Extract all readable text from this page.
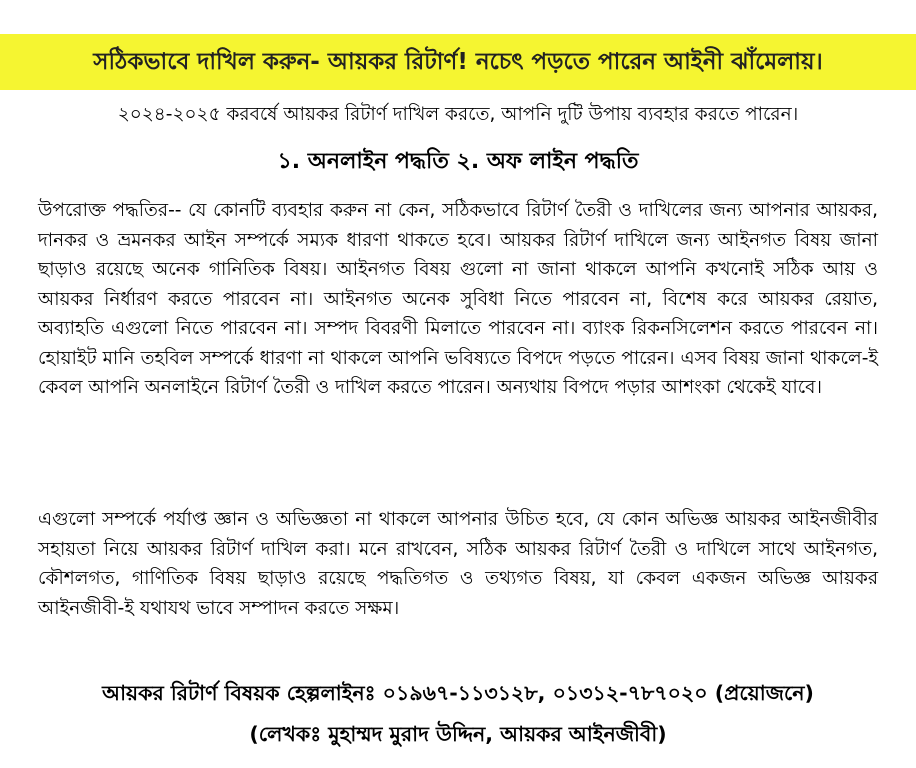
সঠিকভাবে দাখিল করুন- আয়কর রিটার্ণ! নচেৎ পড়তে পারেন আইনী ঝাঁমেলায়।
২০২৪-২০২৫ করবর্ষে আয়কর রিটার্ণ দাখিল করতে, আপনি দুটি উপায় ব্যবহার করতে পারেন।
১. অনলাইন পদ্ধতি ২. অফ লাইন পদ্ধতি
উপরোক্ত পদ্ধতির-- যে কোনটি ব্যবহার করুন না কেন, সঠিকভাবে রিটার্ণ তৈরী ও দাখিলের জন্য আপনার আয়কর, দানকর ও ভ্রমনকর আইন সম্পর্কে সম্যক ধারণা থাকতে হবে। আয়কর রিটার্ণ দাখিলে জন্য আইনগত বিষয় জানা ছাড়াও রয়েছে অনেক গানিতিক বিষয়। আইনগত বিষয় গুলো না জানা থাকলে আপনি কখনোই সঠিক আয় ও আয়কর নির্ধারণ করতে পারবেন না। আইনগত অনেক সুবিধা নিতে পারবেন না, বিশেষ করে আয়কর রেয়াত, অব্যাহতি এগুলো নিতে পারবেন না। সম্পদ বিবরণী মিলাতে পারবেন না। ব্যাংক রিকনসিলেশন করতে পারবেন না। হোয়াইট মানি তহবিল সম্পর্কে ধারণা না থাকলে আপনি ভবিষ্যতে বিপদে পড়তে পারেন। এসব বিষয় জানা থাকলে-ই কেবল আপনি অনলাইনে রিটার্ণ তৈরী ও দাখিল করতে পারেন। অন্যথায় বিপদে পড়ার আশংকা থেকেই যাবে।
এগুলো সম্পর্কে পর্যাপ্ত জ্ঞান ও অভিজ্ঞতা না থাকলে আপনার উচিত হবে, যে কোন অভিজ্ঞ আয়কর আইনজীবীর সহায়তা নিয়ে আয়কর রিটার্ণ দাখিল করা। মনে রাখবেন, সঠিক আয়কর রিটার্ণ তৈরী ও দাখিলে সাথে আইনগত, কৌশলগত, গাণিতিক বিষয় ছাড়াও রয়েছে পদ্ধতিগত ও তথ্যগত বিষয়, যা কেবল একজন অভিজ্ঞ আয়কর আইনজীবী-ই যথাযথ ভাবে সম্পাদন করতে সক্ষম।
আয়কর রিটার্ণ বিষয়ক হেল্পলাইনঃ ০১৯৬৭-১১৩১২৮, ০১৩১২-৭৮৭০২০ (প্রয়োজনে)
(লেখকঃ মুহাম্মদ মুরাদ উদ্দিন, আয়কর আইনজীবী)
